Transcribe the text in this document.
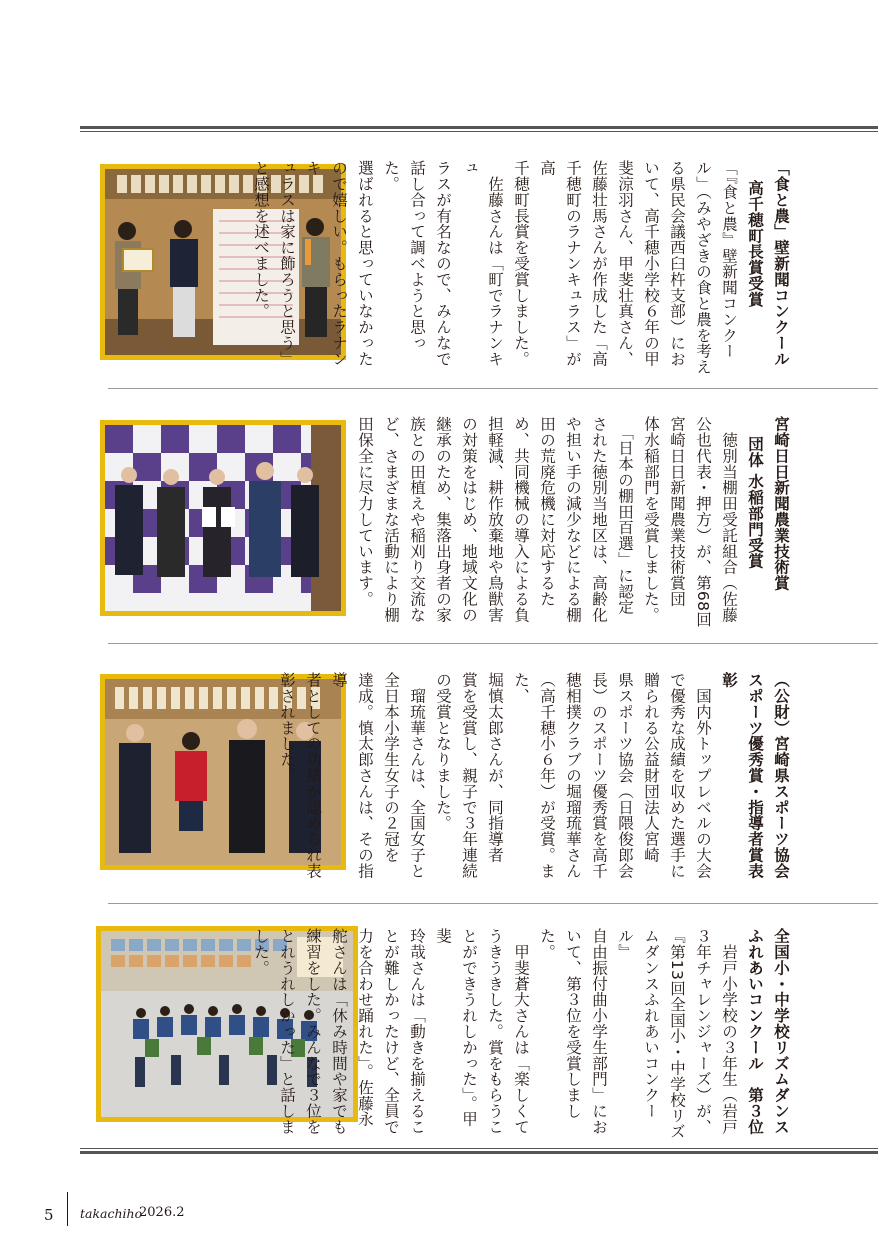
「食と農」壁新聞コンクール
高千穂町長賞受賞
「『食と農』壁新聞コンクー
ル」（みやざきの食と農を考え
る県民会議西臼杵支部）にお
いて、高千穂小学校６年の甲
斐涼羽さん、甲斐壮真さん、
佐藤壮馬さんが作成した「高
千穂町のラナンキュラス」が高
千穂町長賞を受賞しました。
　佐藤さんは「町でラナンキュ
ラスが有名なので、みんなで
話し合って調べようと思った。
選ばれると思っていなかった
ので嬉しい。もらったラナンキ
ュラスは家に飾ろうと思う」
と感想を述べました。

宮崎日日新聞農業技術賞
団体 水稲部門受賞
　徳別当棚田受託組合（佐藤
公也代表・押方）が、第68回
宮崎日日新聞農業技術賞団
体水稲部門を受賞しました。
　「日本の棚田百選」に認定
された徳別当地区は、高齢化
や担い手の減少などによる棚
田の荒廃危機に対応するた
め、共同機械の導入による負
担軽減、耕作放棄地や鳥獣害
の対策をはじめ、地域文化の
継承のため、集落出身者の家
族との田植えや稲刈り交流な
ど、さまざまな活動により棚
田保全に尽力しています。

（公財）宮崎県スポーツ協会
スポーツ優秀賞・指導者賞表彰
　国内外トップレベルの大会
で優秀な成績を収めた選手に
贈られる公益財団法人宮崎
県スポーツ協会（日隈俊郎会
長）のスポーツ優秀賞を高千
穂相撲クラブの堀瑠琉華さん
（高千穂小６年）が受賞。また、
堀慎太郎さんが、同指導者
賞を受賞し、親子で３年連続
の受賞となりました。
　瑠琉華さんは、全国女子と
全日本小学生女子の２冠を
達成。慎太郎さんは、その指導
者としての功績が認められ表
彰されました。

全国小・中学校リズムダンス
ふれあいコンクール　第３位
　岩戸小学校の３年生（岩戸
３年チャレンジャーズ）が、
『第13回全国小・中学校リズ
ムダンスふれあいコンクール』
自由振付曲小学生部門」にお
いて、第３位を受賞しました。
　甲斐蒼大さんは「楽しくて
うきうきした。賞をもらうこ
とができうれしかった」。甲斐
玲哉さんは「動きを揃えるこ
とが難しかったけど、全員で
力を合わせ踊れた」。佐藤永
舵さんは「休み時間や家でも
練習をした。みんなで３位を
とれうれしかった」と話しま
した。

5 takachiho
2026.2
